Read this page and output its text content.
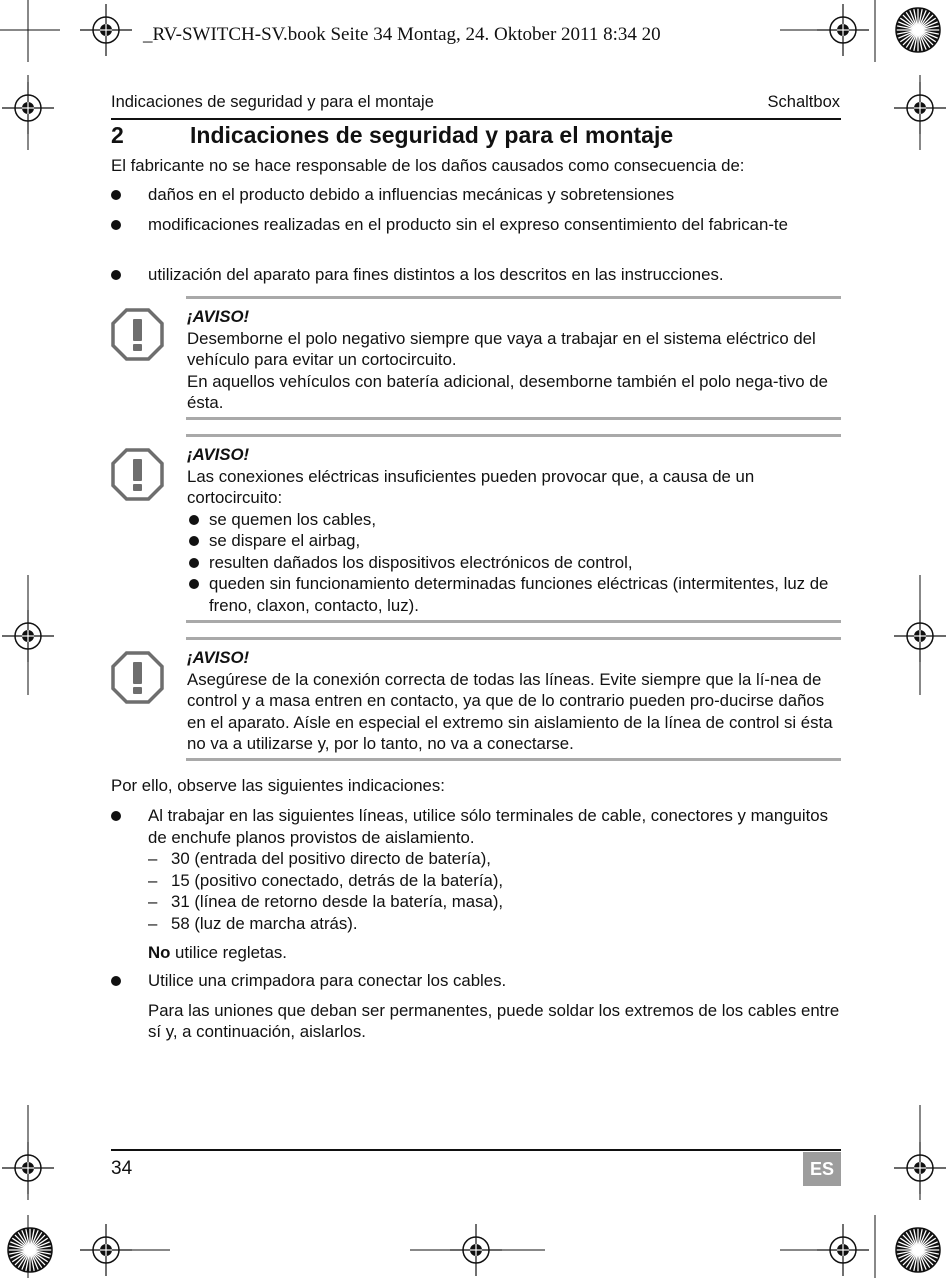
_RV-SWITCH-SV.book Seite 34 Montag, 24. Oktober 2011 8:34 20
Indicaciones de seguridad y para el montaje	Schaltbox
2	Indicaciones de seguridad y para el montaje
El fabricante no se hace responsable de los daños causados como consecuencia de:
daños en el producto debido a influencias mecánicas y sobretensiones
modificaciones realizadas en el producto sin el expreso consentimiento del fabrican-te
utilización del aparato para fines distintos a los descritos en las instrucciones.
¡AVISO!
Desemborne el polo negativo siempre que vaya a trabajar en el sistema eléctrico del vehículo para evitar un cortocircuito.
En aquellos vehículos con batería adicional, desemborne también el polo nega-tivo de ésta.
¡AVISO!
Las conexiones eléctricas insuficientes pueden provocar que, a causa de un cortocircuito:
se quemen los cables,
se dispare el airbag,
resulten dañados los dispositivos electrónicos de control,
queden sin funcionamiento determinadas funciones eléctricas (intermitentes, luz de freno, claxon, contacto, luz).
¡AVISO!
Asegúrese de la conexión correcta de todas las líneas. Evite siempre que la lí-nea de control y a masa entren en contacto, ya que de lo contrario pueden pro-ducirse daños en el aparato. Aísle en especial el extremo sin aislamiento de la línea de control si ésta no va a utilizarse y, por lo tanto, no va a conectarse.
Por ello, observe las siguientes indicaciones:
Al trabajar en las siguientes líneas, utilice sólo terminales de cable, conectores y manguitos de enchufe planos provistos de aislamiento.
– 30 (entrada del positivo directo de batería),
– 15 (positivo conectado, detrás de la batería),
– 31 (línea de retorno desde la batería, masa),
– 58 (luz de marcha atrás).
No utilice regletas.
Utilice una crimpadora para conectar los cables.
Para las uniones que deban ser permanentes, puede soldar los extremos de los cables entre sí y, a continuación, aislarlos.
34	ES
